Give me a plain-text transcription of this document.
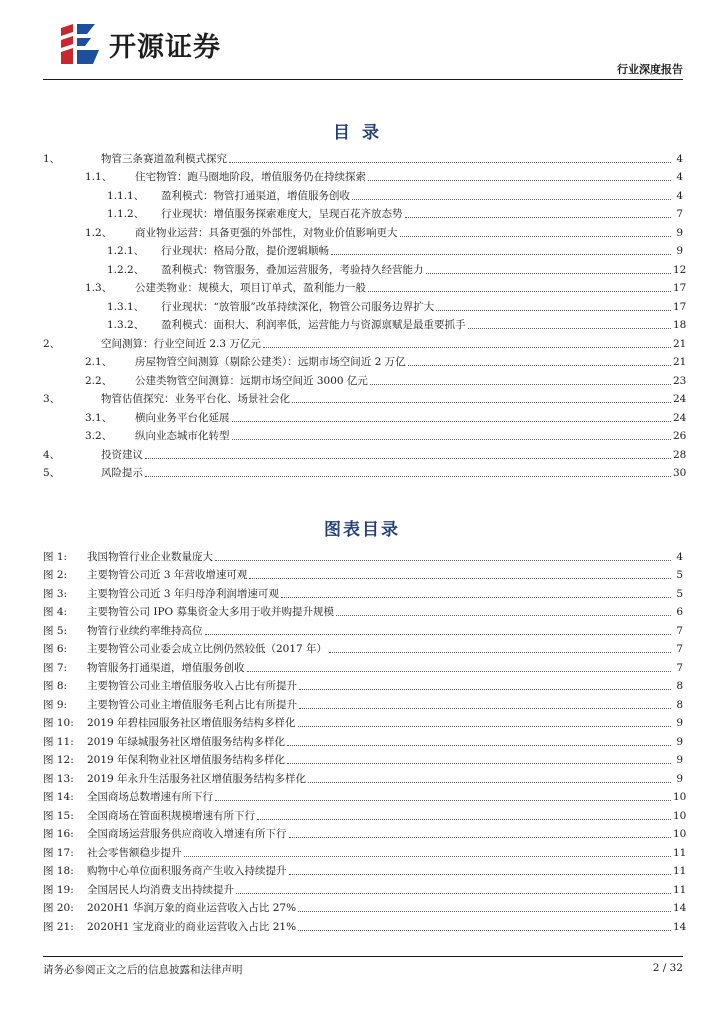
开源证券
行业深度报告
目录
1、	物管三条赛道盈利模式探究	4
1.1、 住宅物管：跑马圈地阶段，增值服务仍在持续探索	4
1.1.1、 盈利模式：物管打通渠道，增值服务创收	4
1.1.2、 行业现状：增值服务探索难度大，呈现百花齐放态势	7
1.2、 商业物业运营：具备更强的外部性，对物业价值影响更大	9
1.2.1、 行业现状：格局分散，提价逻辑顺畅	9
1.2.2、 盈利模式：物管服务，叠加运营服务，考验持久经营能力	12
1.3、 公建类物业：规模大，项目订单式，盈利能力一般	17
1.3.1、 行业现状：“放管服”改革持续深化，物管公司服务边界扩大	17
1.3.2、 盈利模式：面积大、利润率低，运营能力与资源禀赋是最重要抓手	18
2、	空间测算：行业空间近 2.3 万亿元	21
2.1、 房屋物管空间测算（剔除公建类）：远期市场空间近 2 万亿	21
2.2、 公建类物管空间测算：远期市场空间近 3000 亿元	23
3、	物管估值探究：业务平台化、场景社会化	24
3.1、 横向业务平台化延展	24
3.2、 纵向业态城市化转型	26
4、	投资建议	28
5、	风险提示	30
图表目录
图 1:	我国物管行业企业数量庞大	4
图 2:	主要物管公司近 3 年营收增速可观	5
图 3:	主要物管公司近 3 年归母净利润增速可观	5
图 4:	主要物管公司 IPO 募集资金大多用于收并购提升规模	6
图 5:	物管行业续约率维持高位	7
图 6:	主要物管公司业委会成立比例仍然较低（2017 年）	7
图 7:	物管服务打通渠道，增值服务创收	7
图 8:	主要物管公司业主增值服务收入占比有所提升	8
图 9:	主要物管公司业主增值服务毛利占比有所提升	8
图 10:	2019 年碧桂园服务社区增值服务结构多样化	9
图 11:	2019 年绿城服务社区增值服务结构多样化	9
图 12:	2019 年保利物业社区增值服务结构多样化	9
图 13:	2019 年永升生活服务社区增值服务结构多样化	9
图 14:	全国商场总数增速有所下行	10
图 15:	全国商场在管面积规模增速有所下行	10
图 16:	全国商场运营服务供应商收入增速有所下行	10
图 17:	社会零售额稳步提升	11
图 18:	购物中心单位面积服务商产生收入持续提升	11
图 19:	全国居民人均消费支出持续提升	11
图 20:	2020H1 华润万象的商业运营收入占比 27%	14
图 21:	2020H1 宝龙商业的商业运营收入占比 21%	14
请务必参阅正文之后的信息披露和法律声明	2 / 32
